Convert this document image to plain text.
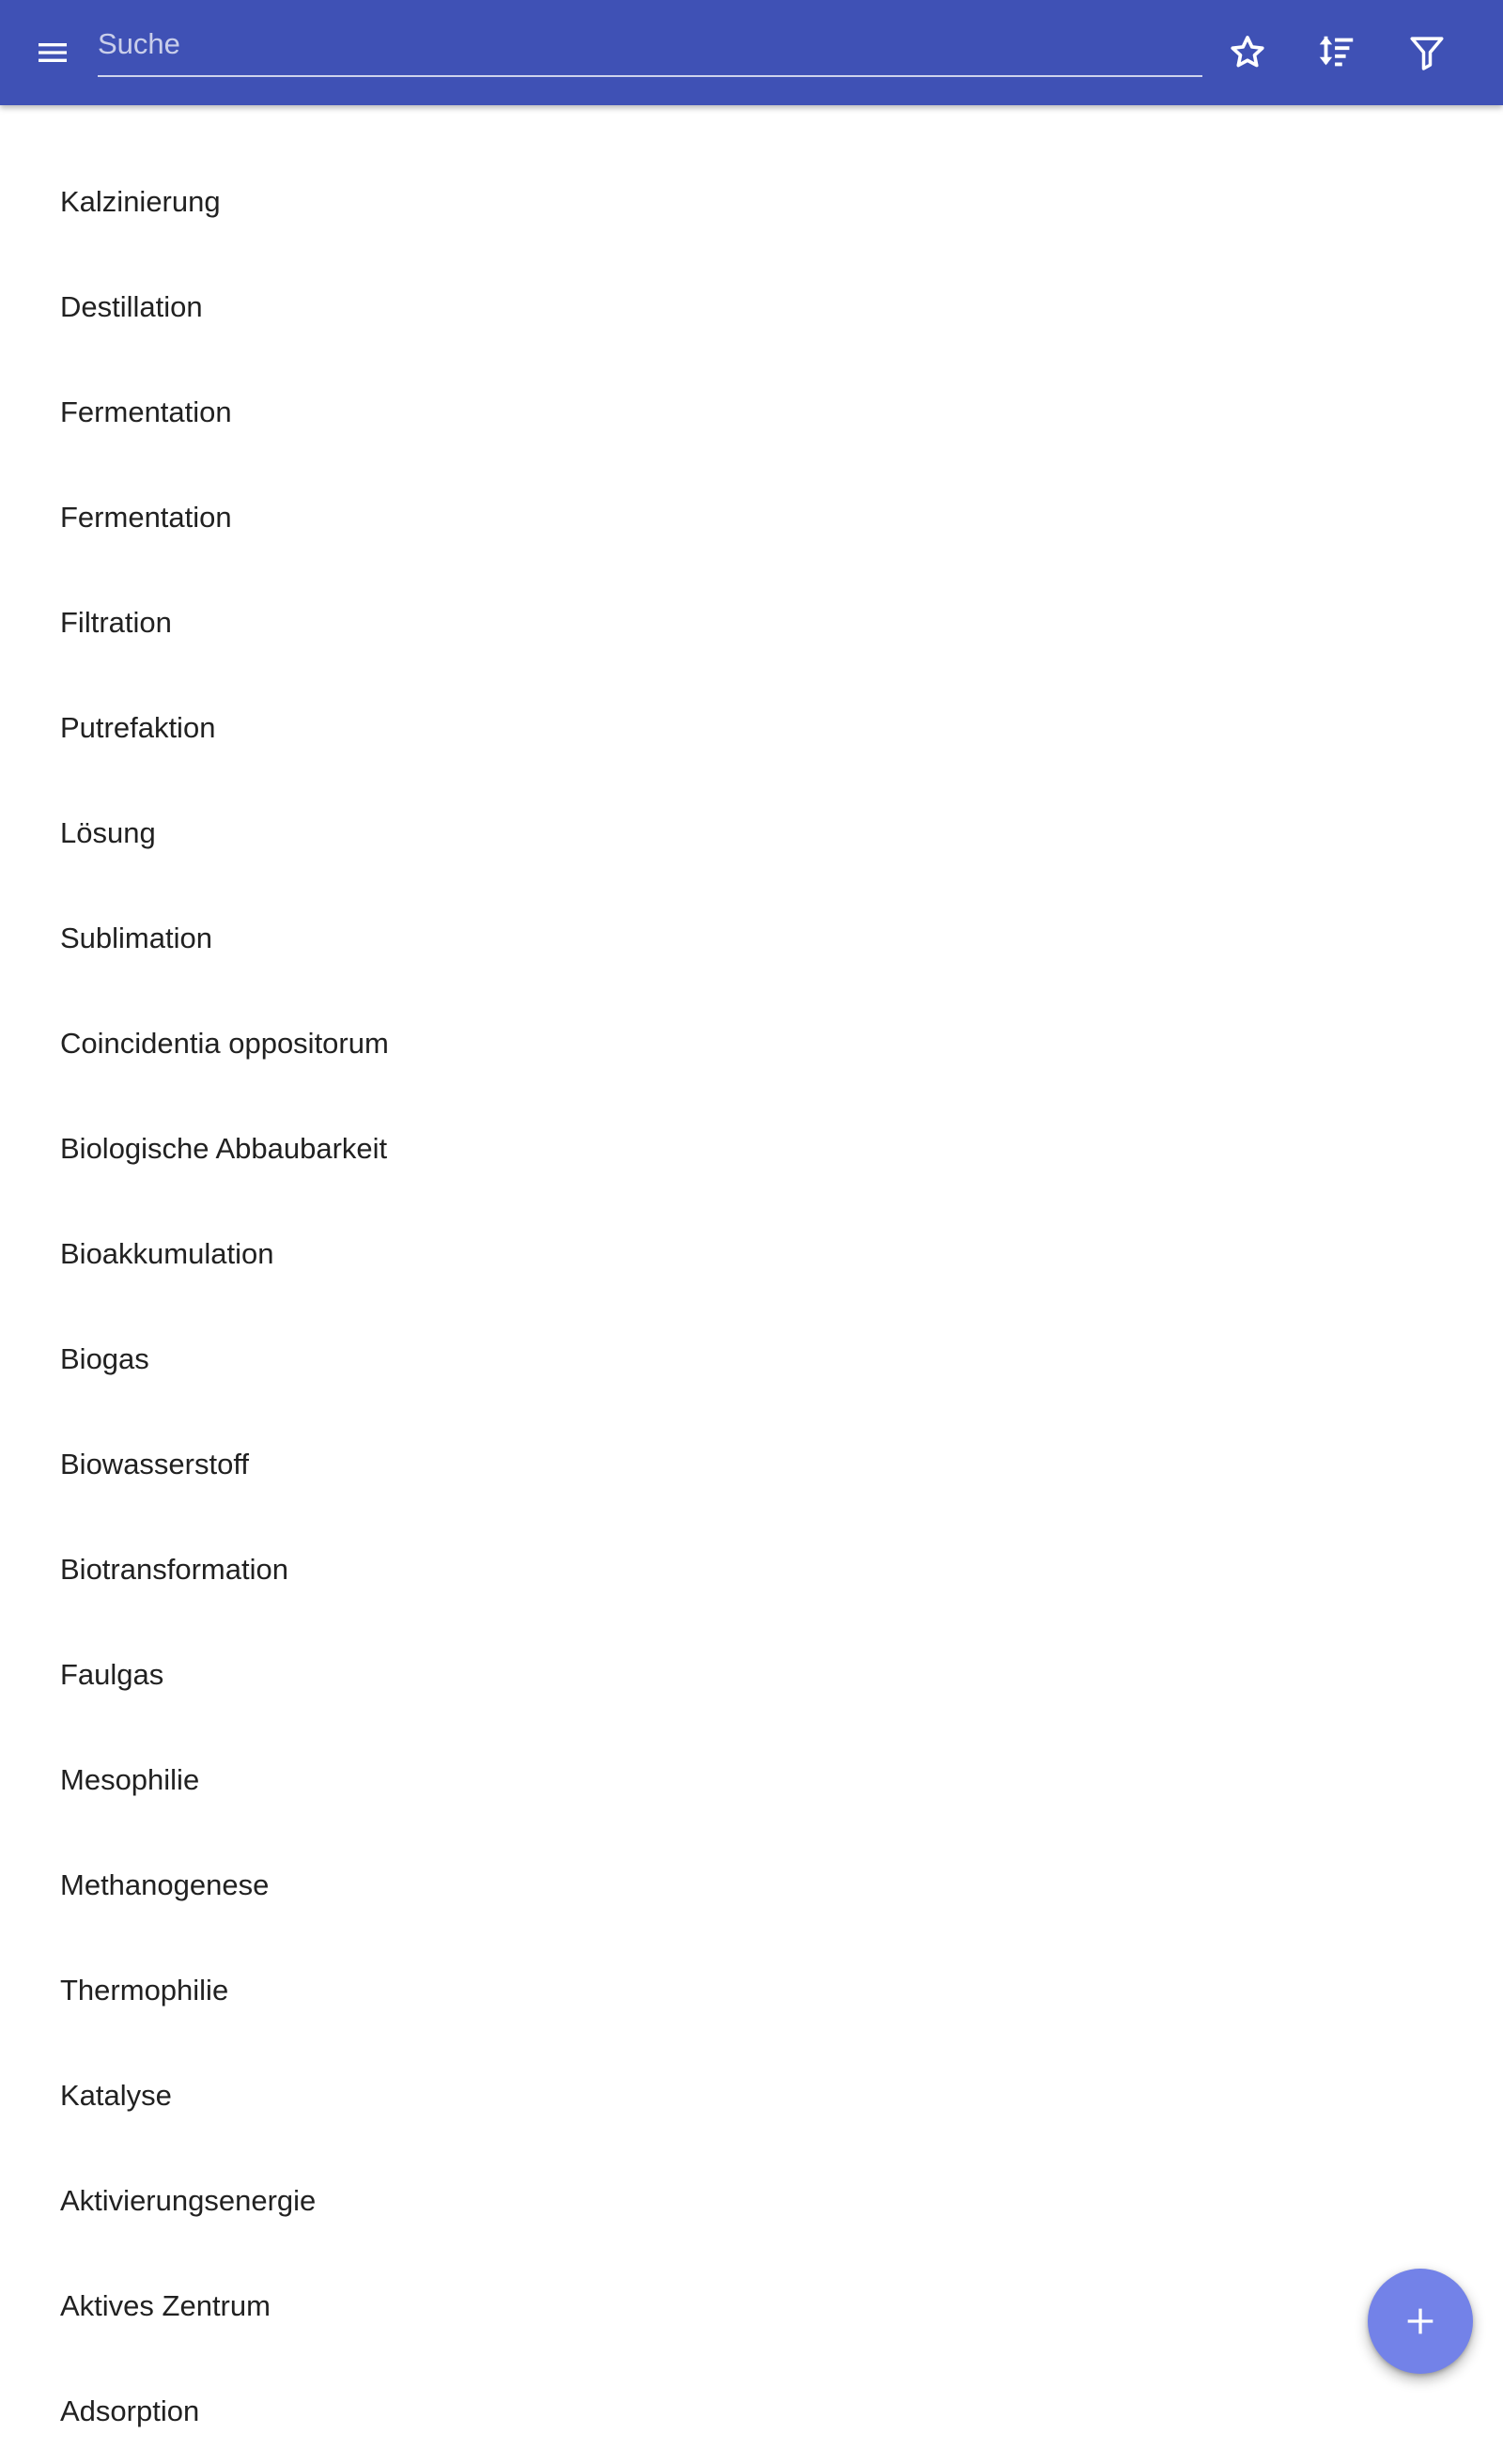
Suche
Kalzinierung
Destillation
Fermentation
Fermentation
Filtration
Putrefaktion
Lösung
Sublimation
Coincidentia oppositorum
Biologische Abbaubarkeit
Bioakkumulation
Biogas
Biowasserstoff
Biotransformation
Faulgas
Mesophilie
Methanogenese
Thermophilie
Katalyse
Aktivierungsenergie
Aktives Zentrum
Adsorption
